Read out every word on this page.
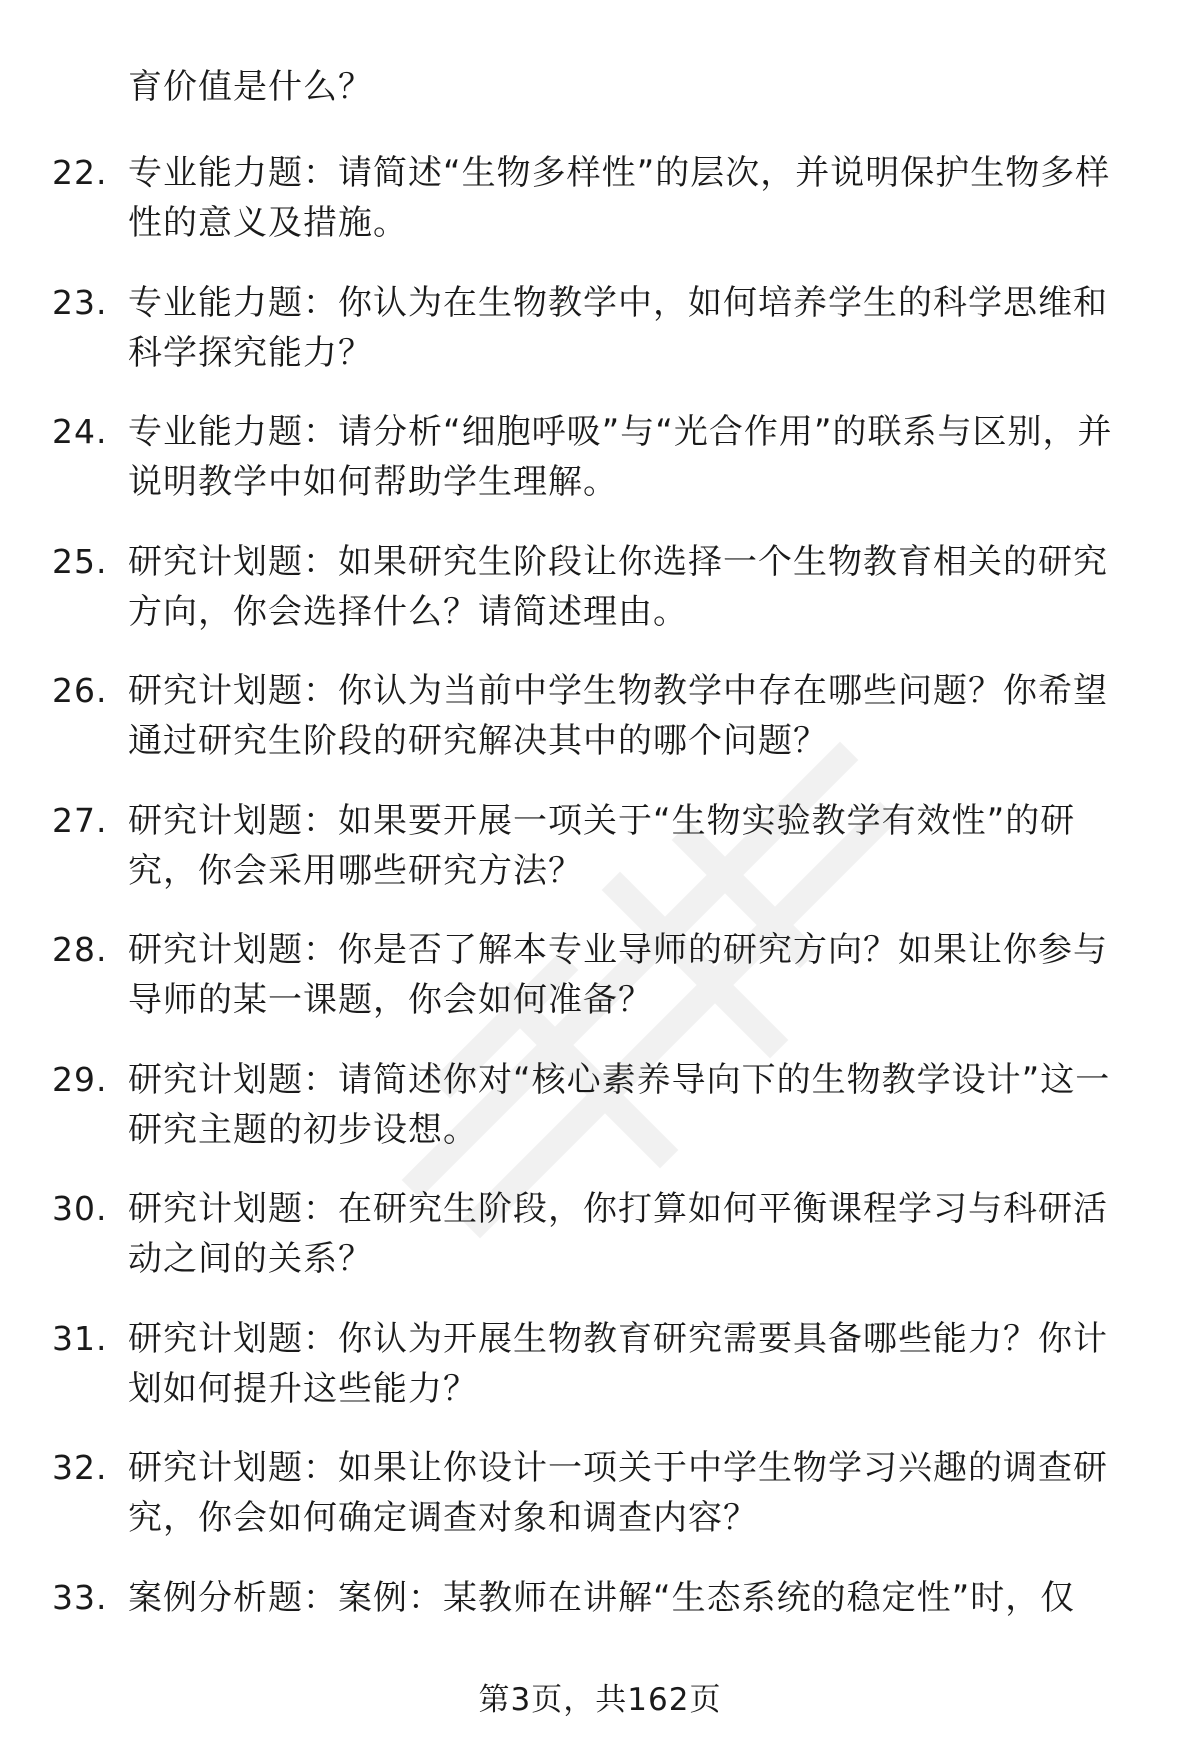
育价值是什么？
22. 专业能力题：请简述“生物多样性”的层次，并说明保护生物多样性的意义及措施。
23. 专业能力题：你认为在生物教学中，如何培养学生的科学思维和科学探究能力？
24. 专业能力题：请分析“细胞呼吸”与“光合作用”的联系与区别，并说明教学中如何帮助学生理解。
25. 研究计划题：如果研究生阶段让你选择一个生物教育相关的研究方向，你会选择什么？请简述理由。
26. 研究计划题：你认为当前中学生物教学中存在哪些问题？你希望通过研究生阶段的研究解决其中的哪个问题？
27. 研究计划题：如果要开展一项关于“生物实验教学有效性”的研究，你会采用哪些研究方法？
28. 研究计划题：你是否了解本专业导师的研究方向？如果让你参与导师的某一课题，你会如何准备？
29. 研究计划题：请简述你对“核心素养导向下的生物教学设计”这一研究主题的初步设想。
30. 研究计划题：在研究生阶段，你打算如何平衡课程学习与科研活动之间的关系？
31. 研究计划题：你认为开展生物教育研究需要具备哪些能力？你计划如何提升这些能力？
32. 研究计划题：如果让你设计一项关于中学生物学习兴趣的调查研究，你会如何确定调查对象和调查内容？
33. 案例分析题：案例：某教师在讲解“生态系统的稳定性”时，仅
第3页，共162页
